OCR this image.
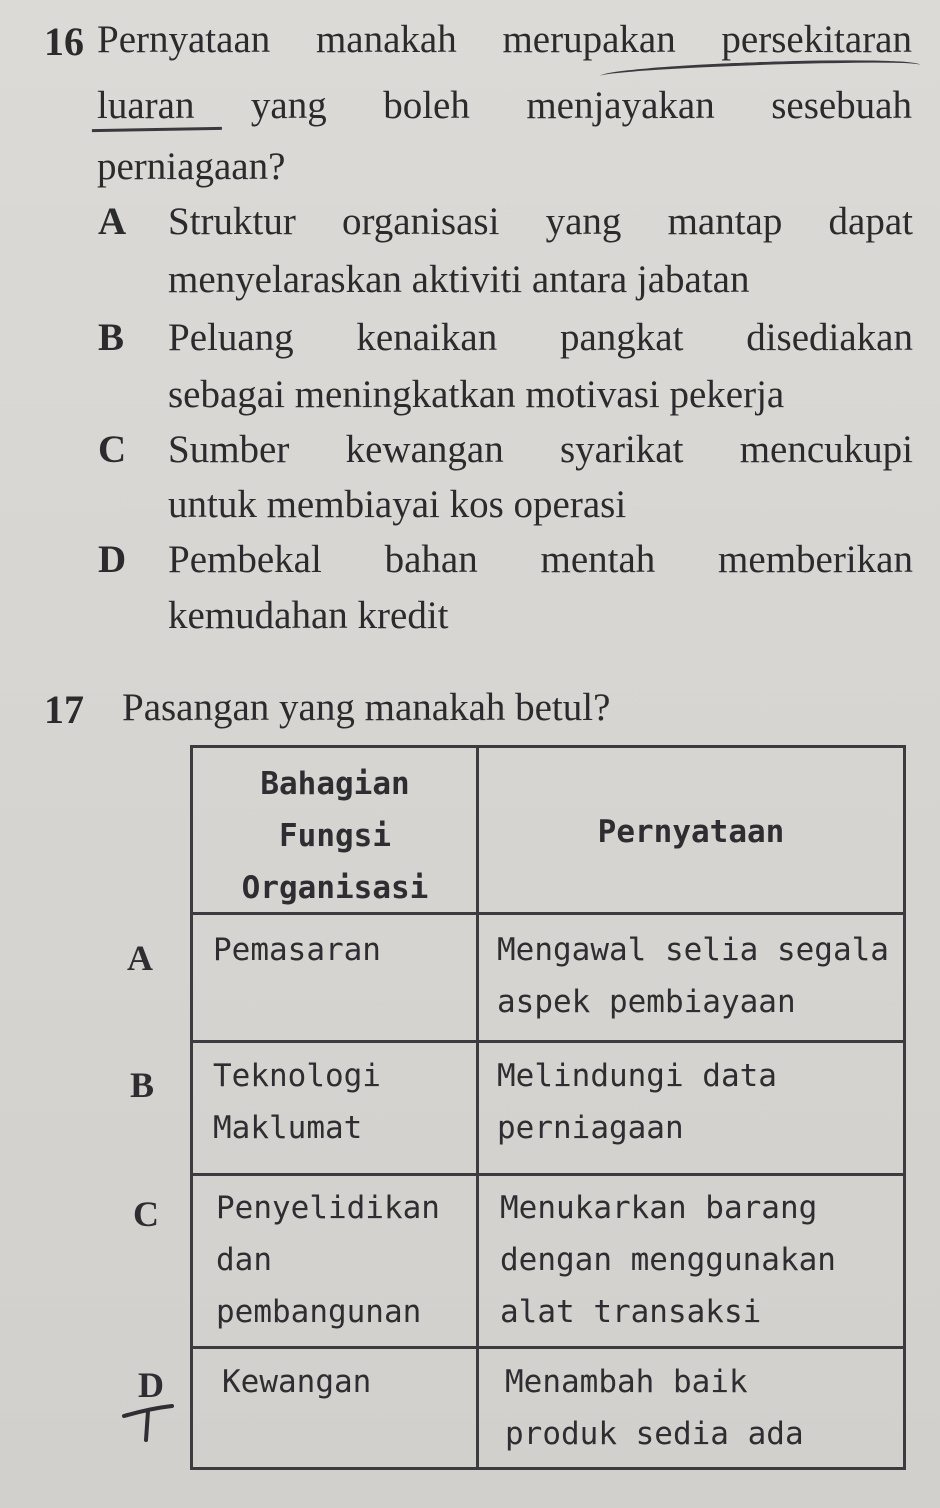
16 Pernyataan manakah merupakan persekitaran
luaran yang boleh menjayakan sesebuah
perniagaan?
A Struktur organisasi yang mantap dapat
menyelaraskan aktiviti antara jabatan
B Peluang kenaikan pangkat disediakan
sebagai meningkatkan motivasi pekerja
C Sumber kewangan syarikat mencukupi
untuk membiayai kos operasi
D Pembekal bahan mentah memberikan
kemudahan kredit
17 Pasangan yang manakah betul?
Bahagian
Fungsi
Organisasi
Pernyataan
A Pemasaran	Mengawal selia segala
aspek pembiayaan
B Teknologi
Maklumat
Melindungi data
perniagaan
C Penyelidikan
dan
pembangunan
Menukarkan barang
dengan menggunakan
alat transaksi
D Kewangan	Menambah baik
produk sedia ada
